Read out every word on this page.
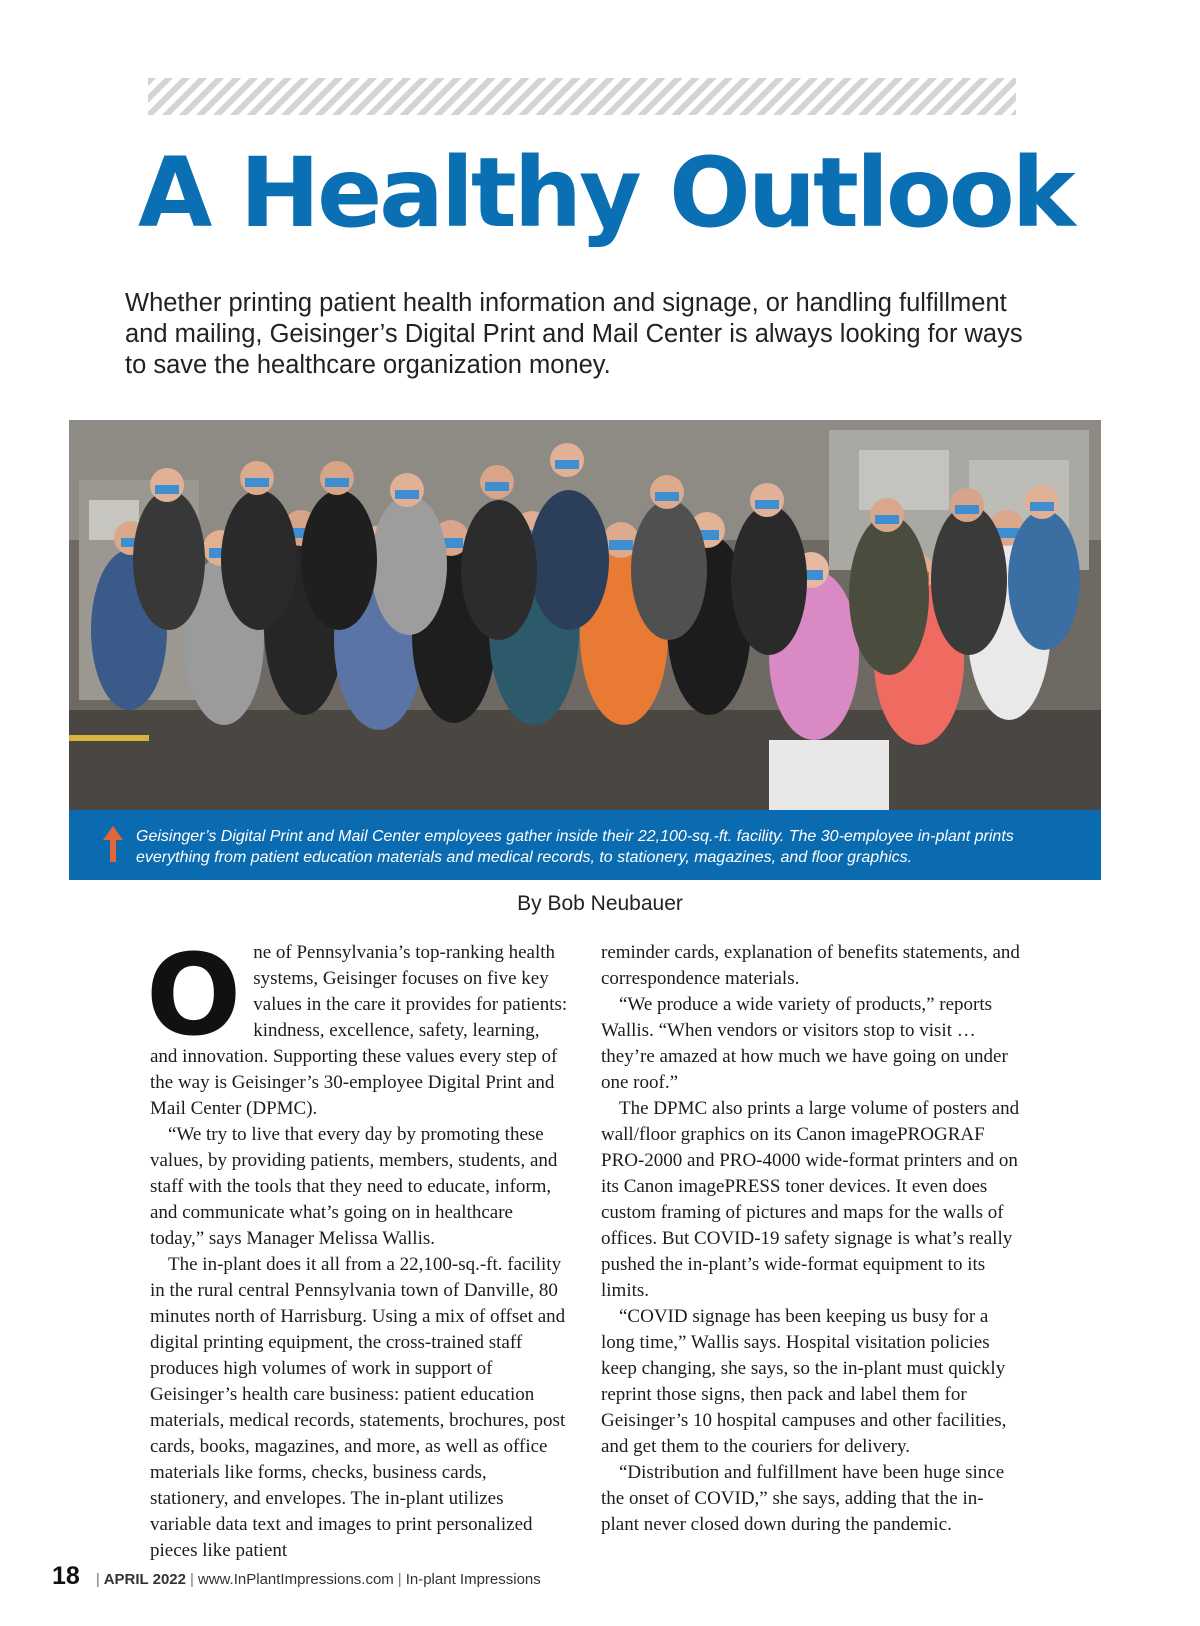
A Healthy Outlook

Whether printing patient health information and signage, or handling fulfillment and mailing, Geisinger’s Digital Print and Mail Center is always looking for ways to save the healthcare organization money.

Geisinger’s Digital Print and Mail Center employees gather inside their 22,100-sq.-ft. facility. The 30-employee in-plant prints everything from patient education materials and medical records, to stationery, magazines, and floor graphics.

By Bob Neubauer

One of Pennsylvania’s top-ranking health systems, Geisinger focuses on five key values in the care it provides for patients: kindness, excellence, safety, learning, and innovation. Supporting these values every step of the way is Geisinger’s 30-employee Digital Print and Mail Center (DPMC).

“We try to live that every day by promoting these values, by providing patients, members, students, and staff with the tools that they need to educate, inform, and communicate what’s going on in healthcare today,” says Manager Melissa Wallis.

The in-plant does it all from a 22,100-sq.-ft. facility in the rural central Pennsylvania town of Danville, 80 minutes north of Harrisburg. Using a mix of offset and digital printing equipment, the cross-trained staff produces high volumes of work in support of Geisinger’s health care business: patient education materials, medical records, statements, brochures, post cards, books, magazines, and more, as well as office materials like forms, checks, business cards, stationery, and envelopes. The in-plant utilizes variable data text and images to print personalized pieces like patient

reminder cards, explanation of benefits statements, and correspondence materials.

“We produce a wide variety of products,” reports Wallis. “When vendors or visitors stop to visit … they’re amazed at how much we have going on under one roof.”

The DPMC also prints a large volume of posters and wall/floor graphics on its Canon imagePROGRAF PRO-2000 and PRO-4000 wide-format printers and on its Canon imagePRESS toner devices. It even does custom framing of pictures and maps for the walls of offices. But COVID-19 safety signage is what’s really pushed the in-plant’s wide-format equipment to its limits.

“COVID signage has been keeping us busy for a long time,” Wallis says. Hospital visitation policies keep changing, she says, so the in-plant must quickly reprint those signs, then pack and label them for Geisinger’s 10 hospital campuses and other facilities, and get them to the couriers for delivery.

“Distribution and fulfillment have been huge since the onset of COVID,” she says, adding that the in-plant never closed down during the pandemic.

18 | APRIL 2022 | www.InPlantImpressions.com | In-plant Impressions
